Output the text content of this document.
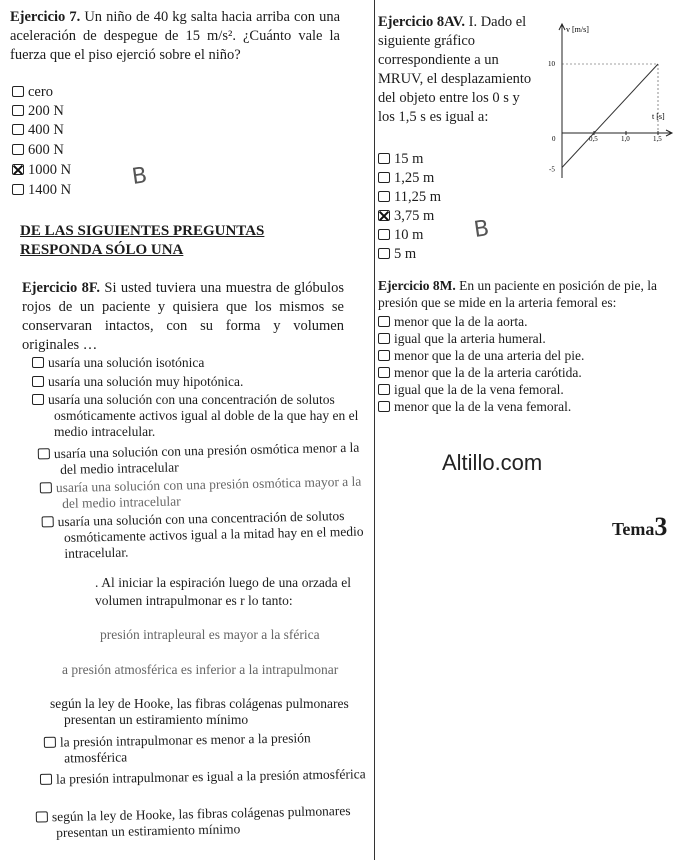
Ejercicio 7. Un niño de 40 kg salta hacia arriba con una aceleración de despegue de 15 m/s². ¿Cuánto vale la fuerza que el piso ejerció sobre el niño?

cero
200 N
400 N
600 N
1000 N
1400 N
B
DE LAS SIGUIENTES PREGUNTAS
RESPONDA SÓLO UNA

Ejercicio 8F. Si usted tuviera una muestra de glóbulos rojos de un paciente y quisiera que los mismos se conservaran intactos, con su forma y volumen originales …

usaría una solución isotónica
usaría una solución muy hipotónica.
usaría una solución con una concentración de solutos osmóticamente activos igual al doble de la que hay en el medio intracelular.
usaría una solución con una presión osmótica menor a la del medio intracelular
usaría una solución con una presión osmótica mayor a la del medio intracelular
usaría una solución con una concentración de solutos osmóticamente activos igual a la mitad hay en el medio intracelular.

. Al iniciar la espiración luego de una orzada el volumen intrapulmonar es r lo tanto:

presión intrapleural es mayor a la sférica
a presión atmosférica es inferior a la intrapulmonar
según la ley de Hooke, las fibras colágenas pulmonares presentan un estiramiento mínimo
la presión intrapulmonar es menor a la presión atmosférica
la presión intrapulmonar es igual a la presión atmosférica
según la ley de Hooke, las fibras colágenas pulmonares presentan un estiramiento mínimo

Ejercicio 8AV. I. Dado el siguiente gráfico correspondiente a un MRUV, el desplazamiento del objeto entre los 0 s y los 1,5 s es igual a:

15 m
1,25 m
11,25 m
3,75 m
10 m
5 m
B
v [m/s]
t [s]
0	0,5	1,0	1,5
10
-5

Ejercicio 8M. En un paciente en posición de pie, la presión que se mide en la arteria femoral es:

menor que la de la aorta.
igual que la arteria humeral.
menor que la de una arteria del pie.
menor que la de la arteria carótida.
igual que la de la vena femoral.
menor que la de la vena femoral.
Altillo.com
Tema3
